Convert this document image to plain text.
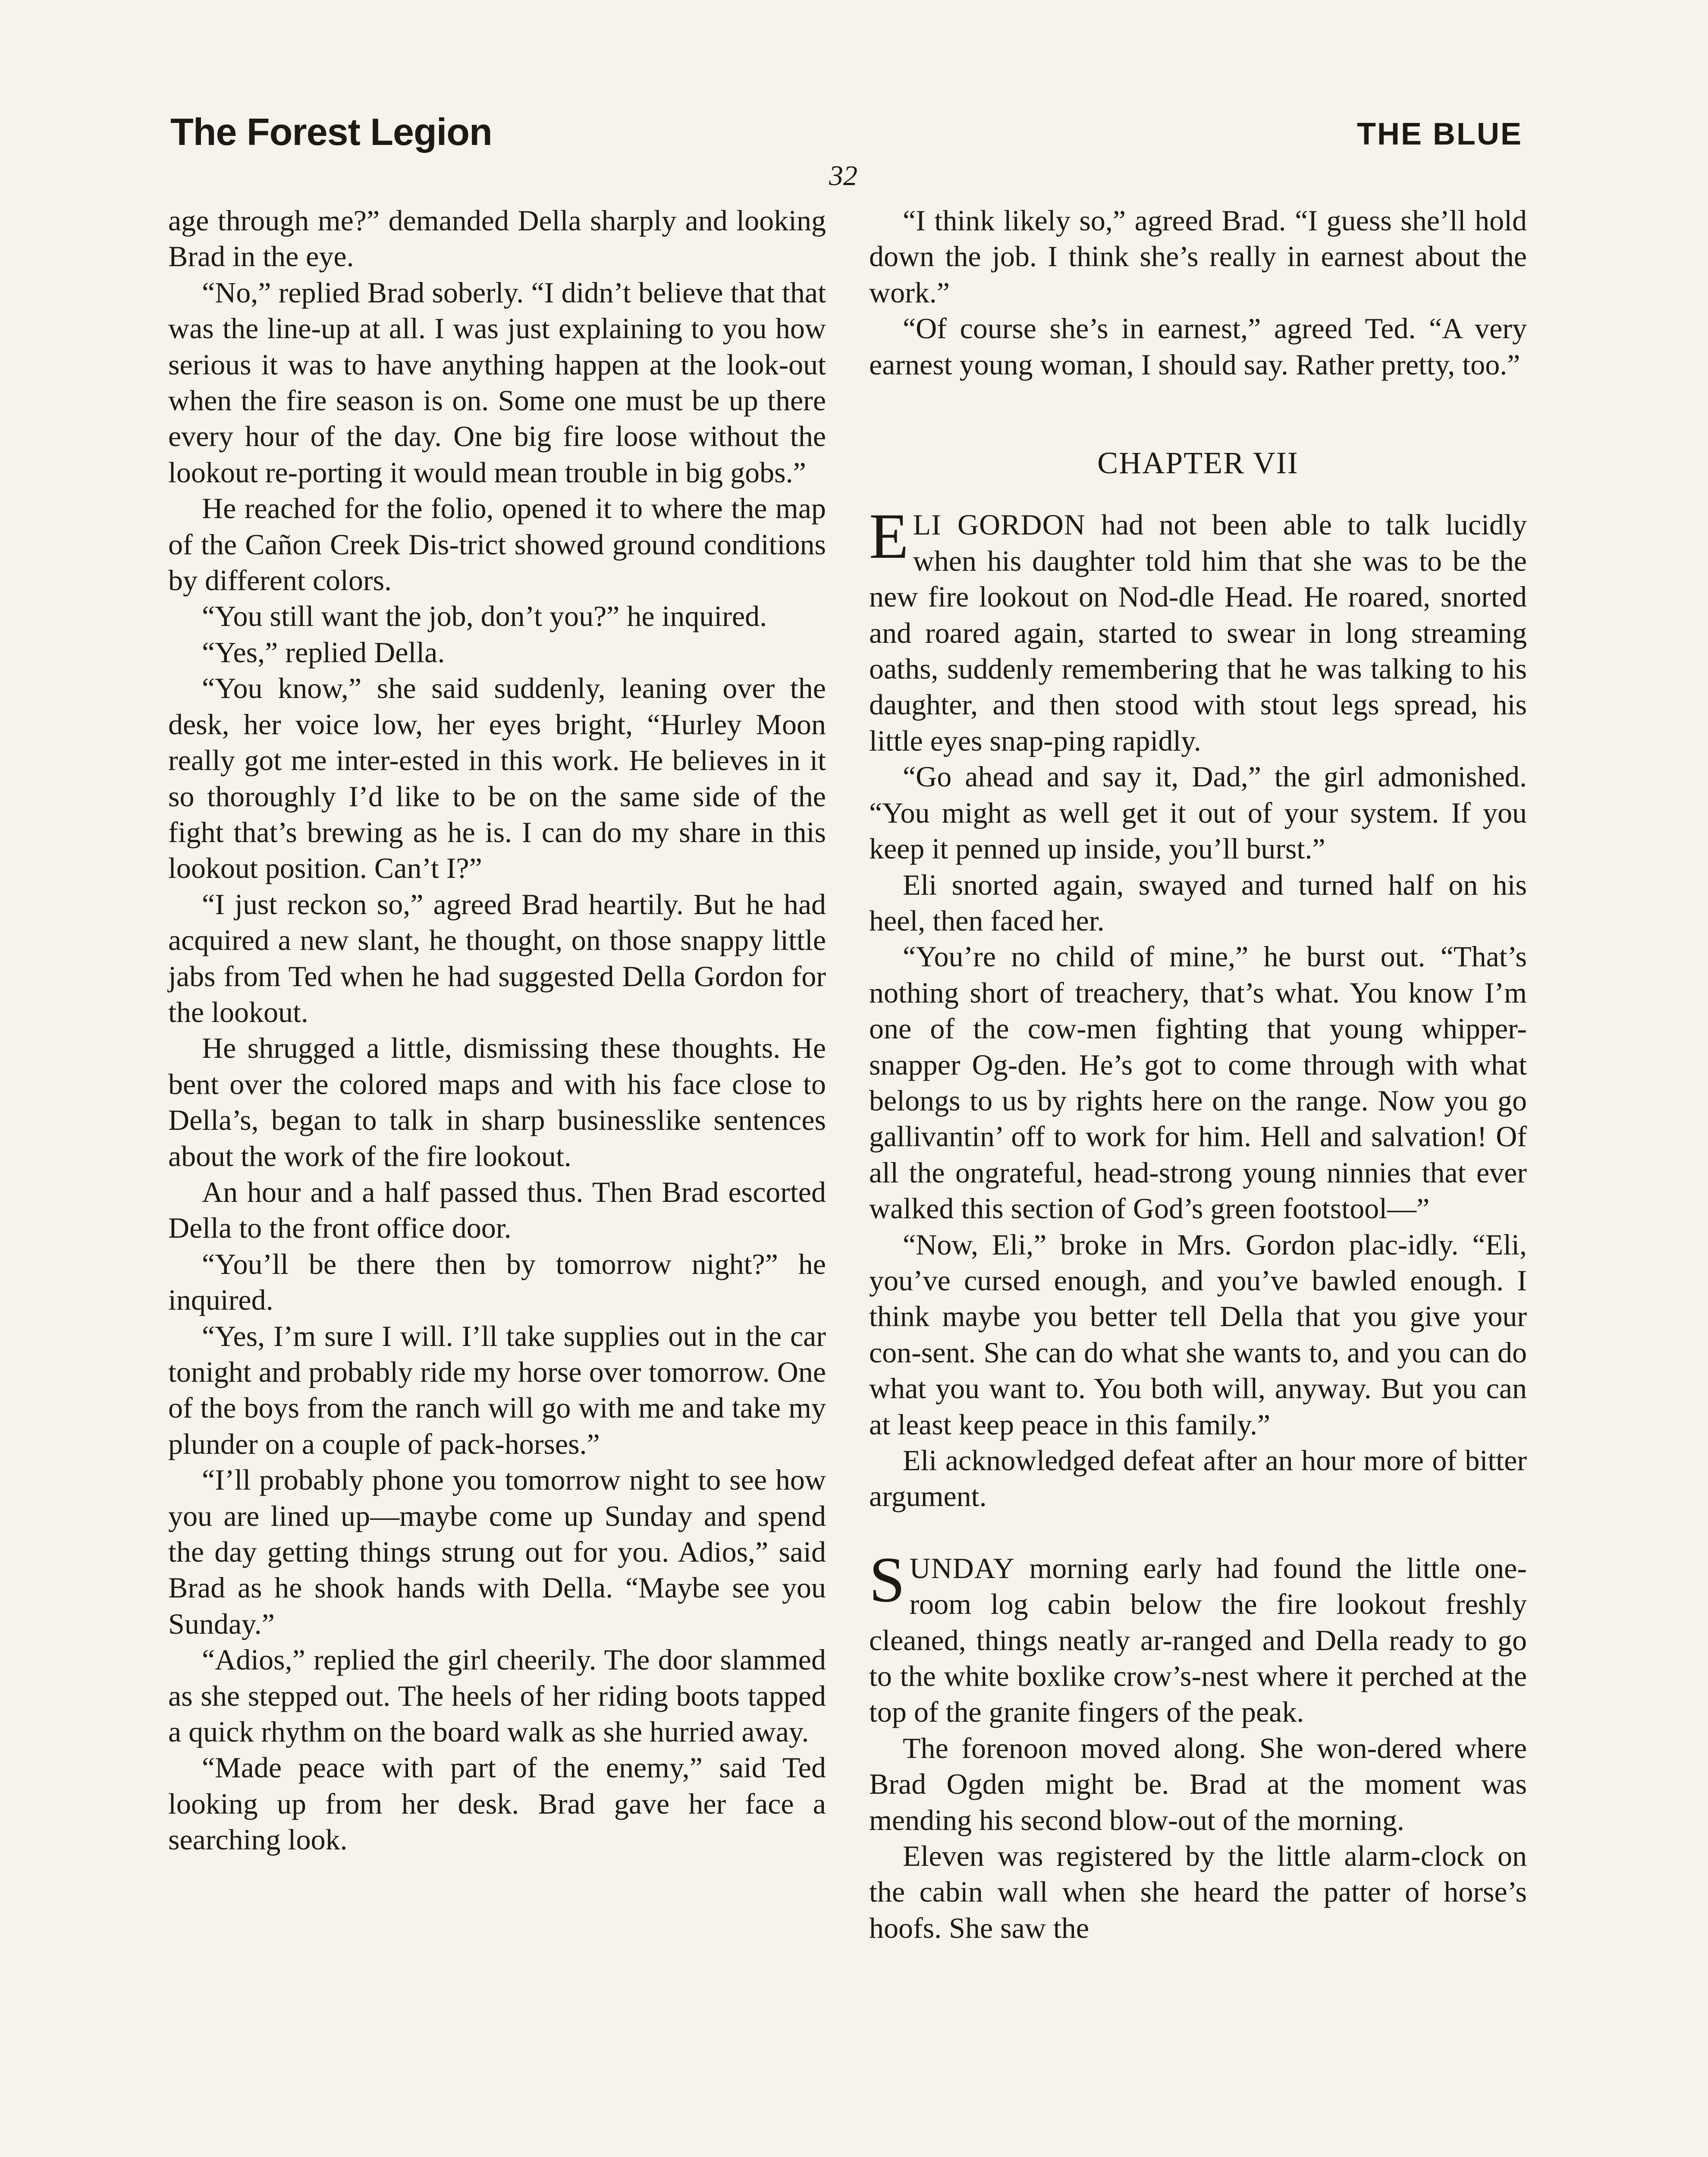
The Forest Legion	THE BLUE
32

age through me?” demanded Della sharply and looking Brad in the eye.

“No,” replied Brad soberly. “I didn’t believe that that was the line-up at all. I was just explaining to you how serious it was to have anything happen at the look-out when the fire season is on. Some one must be up there every hour of the day. One big fire loose without the lookout re-porting it would mean trouble in big gobs.”

He reached for the folio, opened it to where the map of the Cañon Creek Dis-trict showed ground conditions by different colors.

“You still want the job, don’t you?” he inquired.

“Yes,” replied Della.

“You know,” she said suddenly, leaning over the desk, her voice low, her eyes bright, “Hurley Moon really got me inter-ested in this work. He believes in it so thoroughly I’d like to be on the same side of the fight that’s brewing as he is. I can do my share in this lookout position. Can’t I?”

“I just reckon so,” agreed Brad heartily. But he had acquired a new slant, he thought, on those snappy little jabs from Ted when he had suggested Della Gordon for the lookout.

He shrugged a little, dismissing these thoughts. He bent over the colored maps and with his face close to Della’s, began to talk in sharp businesslike sentences about the work of the fire lookout.

An hour and a half passed thus. Then Brad escorted Della to the front office door.

“You’ll be there then by tomorrow night?” he inquired.

“Yes, I’m sure I will. I’ll take supplies out in the car tonight and probably ride my horse over tomorrow. One of the boys from the ranch will go with me and take my plunder on a couple of pack-horses.”

“I’ll probably phone you tomorrow night to see how you are lined up—maybe come up Sunday and spend the day getting things strung out for you. Adios,” said Brad as he shook hands with Della. “Maybe see you Sunday.”

“Adios,” replied the girl cheerily. The door slammed as she stepped out. The heels of her riding boots tapped a quick rhythm on the board walk as she hurried away.

“Made peace with part of the enemy,” said Ted looking up from her desk. Brad gave her face a searching look.

“I think likely so,” agreed Brad. “I guess she’ll hold down the job. I think she’s really in earnest about the work.”

“Of course she’s in earnest,” agreed Ted. “A very earnest young woman, I should say. Rather pretty, too.”

CHAPTER VII

ELI GORDON had not been able to talk lucidly when his daughter told him that she was to be the new fire lookout on Nod-dle Head. He roared, snorted and roared again, started to swear in long streaming oaths, suddenly remembering that he was talking to his daughter, and then stood with stout legs spread, his little eyes snap-ping rapidly.

“Go ahead and say it, Dad,” the girl admonished. “You might as well get it out of your system. If you keep it penned up inside, you’ll burst.”

Eli snorted again, swayed and turned half on his heel, then faced her.

“You’re no child of mine,” he burst out. “That’s nothing short of treachery, that’s what. You know I’m one of the cow-men fighting that young whipper-snapper Og-den. He’s got to come through with what belongs to us by rights here on the range. Now you go gallivantin’ off to work for him. Hell and salvation! Of all the ongrateful, head-strong young ninnies that ever walked this section of God’s green footstool—”

“Now, Eli,” broke in Mrs. Gordon plac-idly. “Eli, you’ve cursed enough, and you’ve bawled enough. I think maybe you better tell Della that you give your con-sent. She can do what she wants to, and you can do what you want to. You both will, anyway. But you can at least keep peace in this family.”

Eli acknowledged defeat after an hour more of bitter argument.

SUNDAY morning early had found the little one-room log cabin below the fire lookout freshly cleaned, things neatly ar-ranged and Della ready to go to the white boxlike crow’s-nest where it perched at the top of the granite fingers of the peak.

The forenoon moved along. She won-dered where Brad Ogden might be. Brad at the moment was mending his second blow-out of the morning.

Eleven was registered by the little alarm-clock on the cabin wall when she heard the patter of horse’s hoofs. She saw the
